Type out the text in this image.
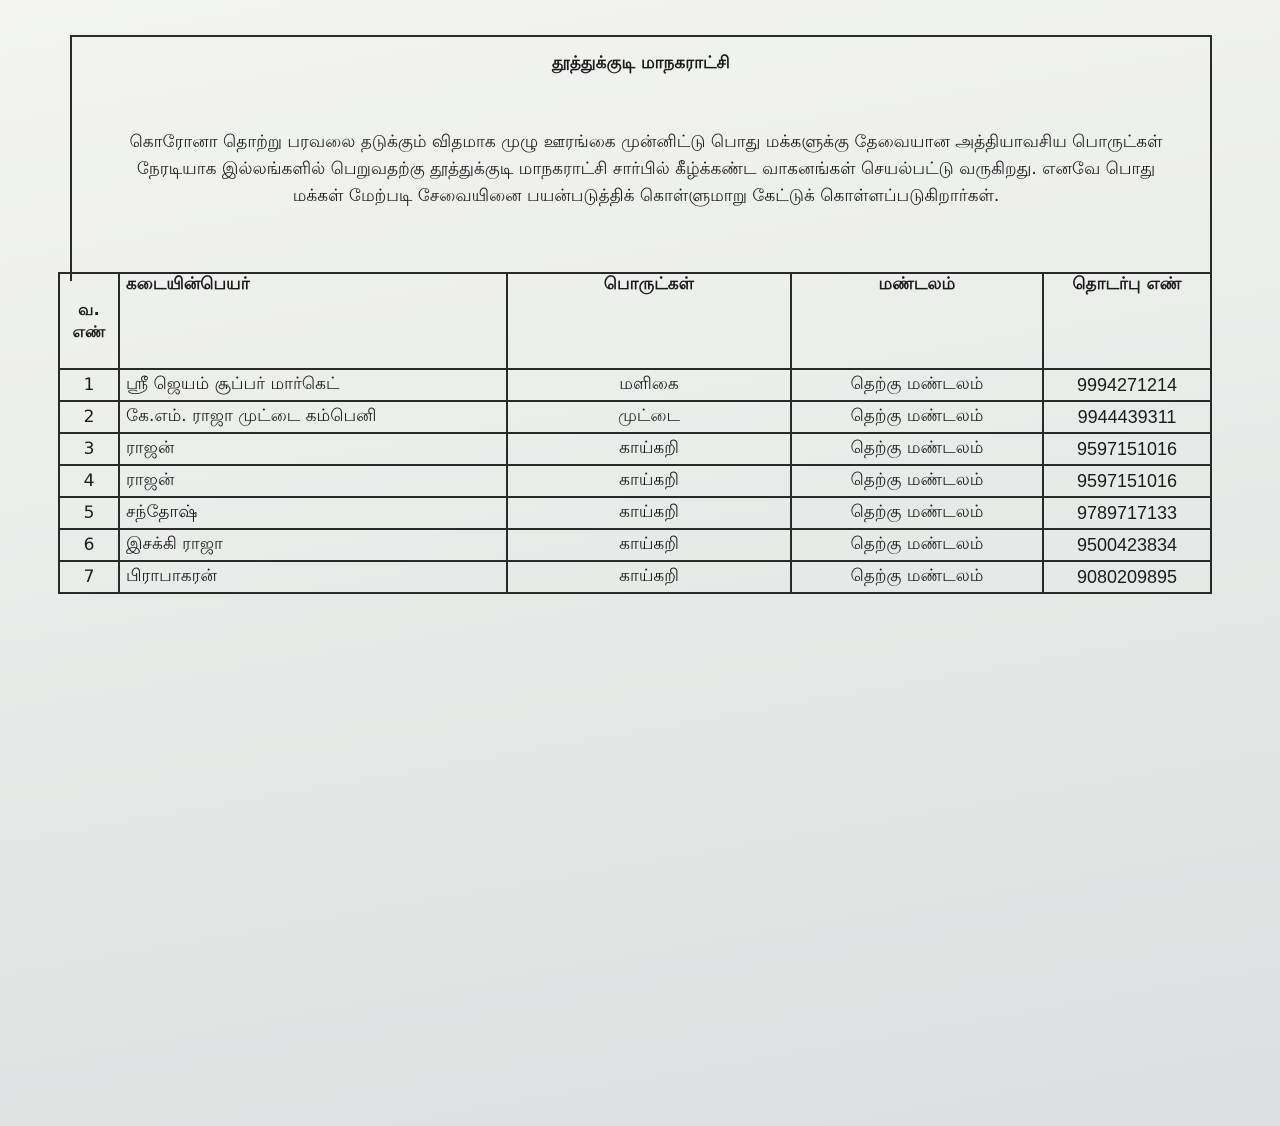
தூத்துக்குடி மாநகராட்சி
கொரோனா தொற்று பரவலை தடுக்கும் விதமாக முழு ஊரங்கை முன்னிட்டு பொது மக்களுக்கு தேவையான அத்தியாவசிய பொருட்கள் நேரடியாக இல்லங்களில் பெறுவதற்கு தூத்துக்குடி மாநகராட்சி சார்பில் கீழ்க்கண்ட வாகனங்கள் செயல்பட்டு வருகிறது. எனவே பொது மக்கள் மேற்படி சேவையினை பயன்படுத்திக் கொள்ளுமாறு கேட்டுக் கொள்ளப்படுகிறார்கள்.
வ.
எண்	கடையின்பெயர்	பொருட்கள்	மண்டலம்	தொடர்பு எண்
1	ஸ்ரீ ஜெயம் சூப்பர் மார்கெட்	மளிகை	தெற்கு மண்டலம்	9994271214
2	கே.எம். ராஜா முட்டை கம்பெனி	முட்டை	தெற்கு மண்டலம்	9944439311
3	ராஜன்	காய்கறி	தெற்கு மண்டலம்	9597151016
4	ராஜன்	காய்கறி	தெற்கு மண்டலம்	9597151016
5	சந்தோஷ்	காய்கறி	தெற்கு மண்டலம்	9789717133
6	இசக்கி ராஜா	காய்கறி	தெற்கு மண்டலம்	9500423834
7	பிராபாகரன்	காய்கறி	தெற்கு மண்டலம்	9080209895
